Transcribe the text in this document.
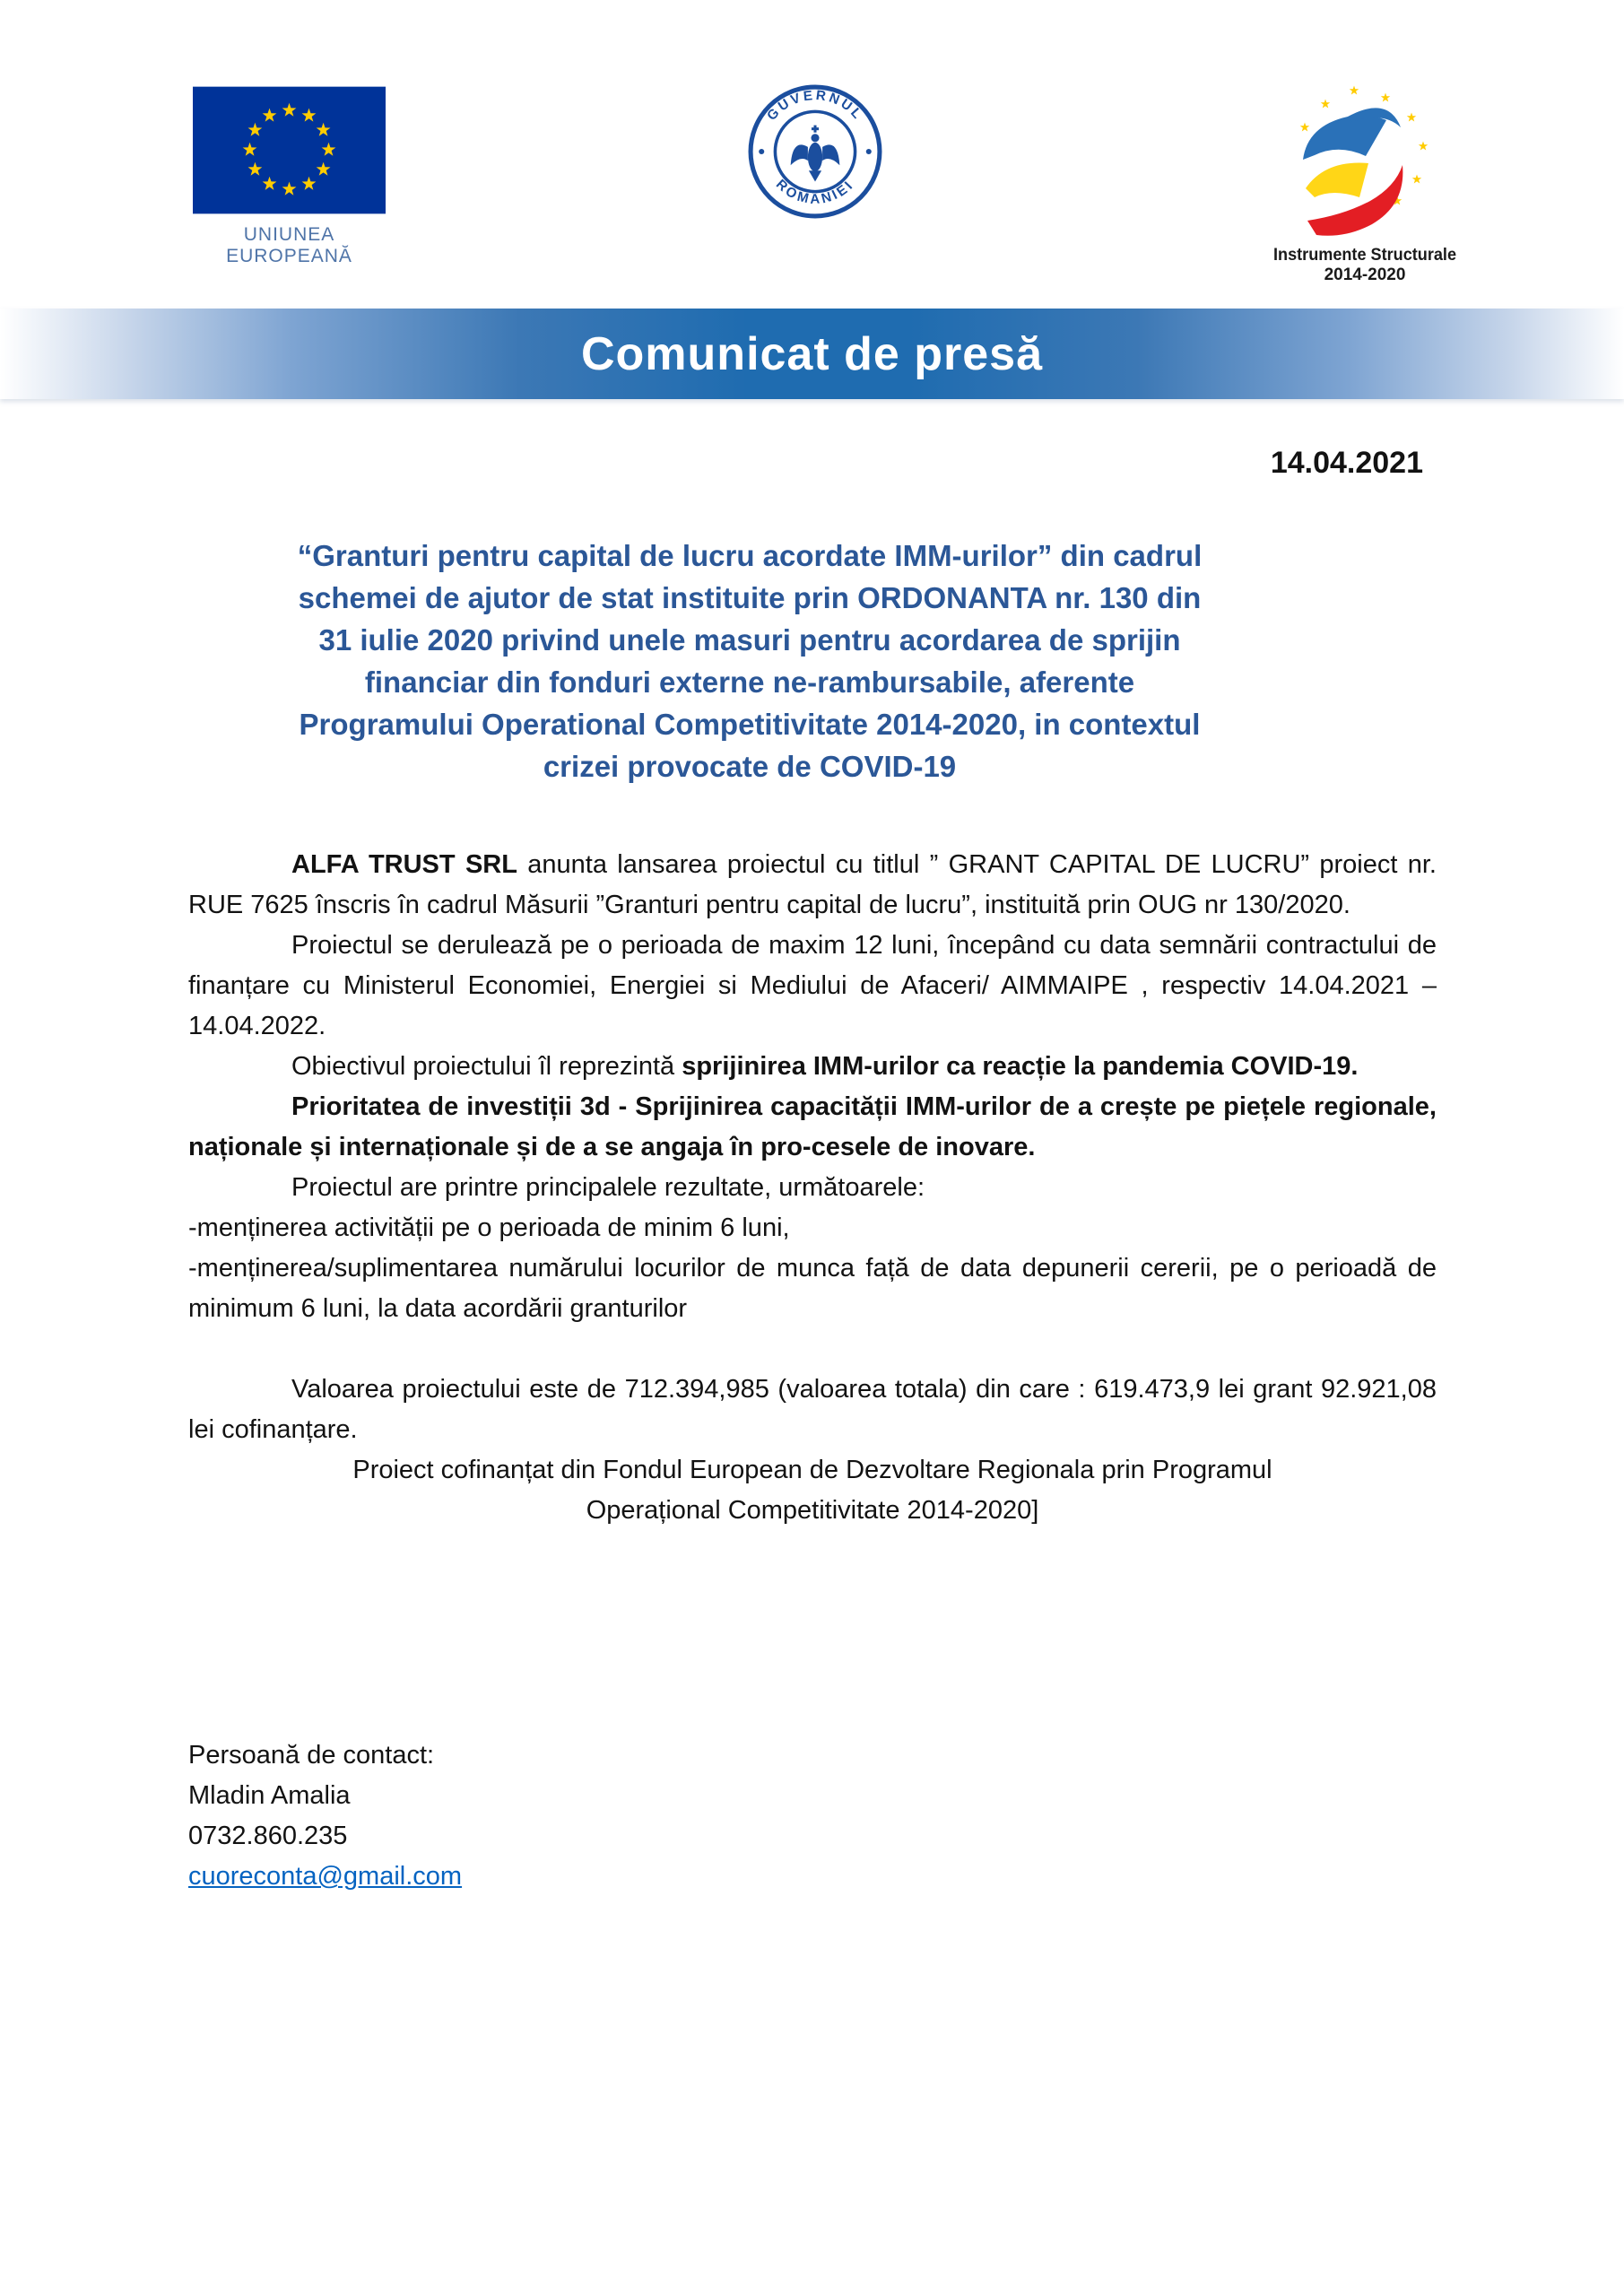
UNIUNEA EUROPEANĂ
GUVERNUL
ROMÂNIEI
Instrumente Structurale
2014-2020
Comunicat de presă
14.04.2021
“Granturi pentru capital de lucru acordate IMM-urilor” din cadrul
schemei de ajutor de stat instituite prin ORDONANTA nr. 130 din
31 iulie 2020 privind unele masuri pentru acordarea de sprijin
financiar din fonduri externe ne-rambursabile, aferente
Programului Operational Competitivitate 2014-2020, in contextul
crizei provocate de COVID-19

ALFA TRUST SRL anunta lansarea proiectul cu titlul ” GRANT CAPITAL DE LUCRU” proiect nr. RUE 7625 înscris în cadrul Măsurii ”Granturi pentru capital de lucru”, instituită prin OUG nr 130/2020.

Proiectul se derulează pe o perioada de maxim 12 luni, începând cu data semnării contractului de finanțare cu Ministerul Economiei, Energiei si Mediului de Afaceri/ AIMMAIPE , respectiv 14.04.2021 – 14.04.2022.

Obiectivul proiectului îl reprezintă sprijinirea IMM-urilor ca reacție la pandemia COVID-19.

Prioritatea de investiții 3d - Sprijinirea capacității IMM-urilor de a crește pe piețele regionale, naționale și internaționale și de a se angaja în pro-cesele de inovare.

Proiectul are printre principalele rezultate, următoarele:

-menținerea activității pe o perioada de minim 6 luni,

-menținerea/suplimentarea numărului locurilor de munca față de data depunerii cererii, pe o perioadă de minimum 6 luni, la data acordării granturilor

Valoarea proiectului este de 712.394,985 (valoarea totala) din care : 619.473,9 lei grant 92.921,08 lei cofinanțare.

Proiect cofinanțat din Fondul European de Dezvoltare Regionala prin Programul
Operațional Competitivitate 2014-2020]

Persoană de contact:
Mladin Amalia
0732.860.235
cuoreconta@gmail.com
